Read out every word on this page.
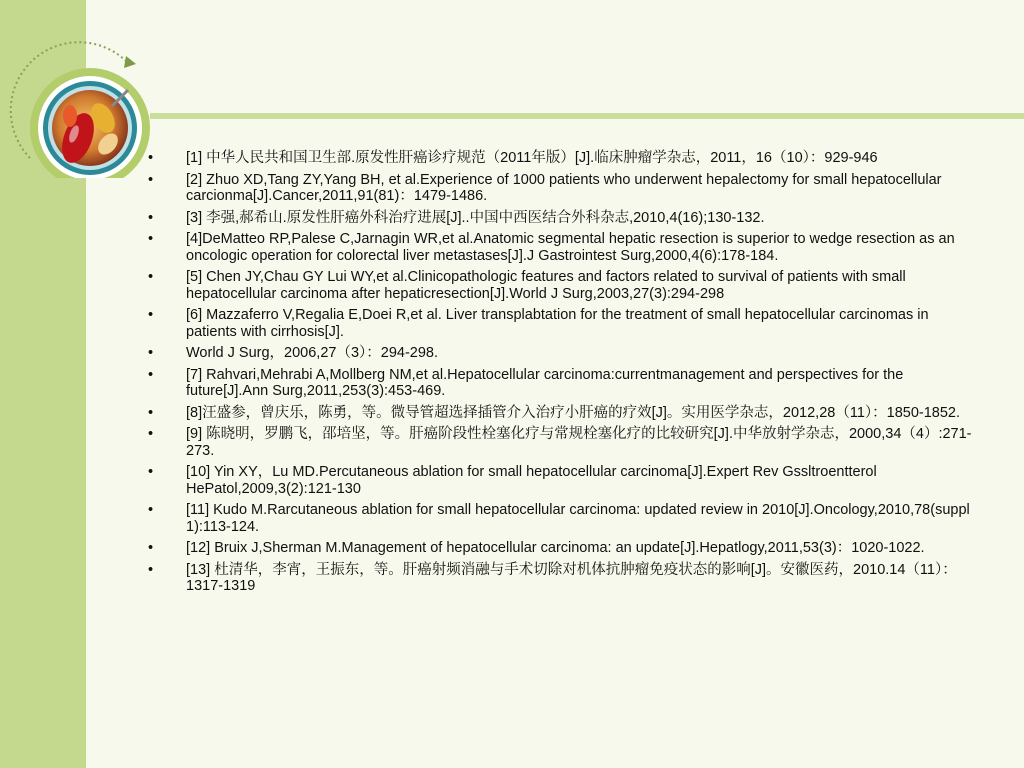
• [1] 中华人民共和国卫生部.原发性肝癌诊疗规范（2011年版）[J].临床肿瘤学杂志，2011，16（10）：929-946
• [2] Zhuo XD,Tang ZY,Yang BH, et al.Experience of 1000 patients who underwent hepalectomy for small hepatocellular carcionma[J].Cancer,2011,91(81)：1479-1486.
• [3] 李强,郝希山.原发性肝癌外科治疗进展[J]..中国中西医结合外科杂志,2010,4(16);130-132.
• [4]DeMatteo RP,Palese C,Jarnagin WR,et al.Anatomic segmental hepatic resection is superior to wedge resection as an oncologic operation for colorectal liver metastases[J].J Gastrointest Surg,2000,4(6):178-184.
• [5] Chen JY,Chau GY Lui WY,et al.Clinicopathologic features and factors related to survival of patients with small hepatocellular carcinoma after hepaticresection[J].World J Surg,2003,27(3):294-298
• [6] Mazzaferro V,Regalia E,Doei R,et al. Liver transplabtation for the treatment of small hepatocellular carcinomas in patients with cirrhosis[J].
• World J Surg，2006,27（3）：294-298.
• [7] Rahvari,Mehrabi A,Mollberg NM,et al.Hepatocellular carcinoma:currentmanagement and perspectives for the future[J].Ann Surg,2011,253(3):453-469.
• [8]汪盛参，曾庆乐，陈勇，等。微导管超选择插管介入治疗小肝癌的疗效[J]。实用医学杂志，2012,28（11）：1850-1852.
• [9] 陈晓明，罗鹏飞，邵培坚，等。肝癌阶段性栓塞化疗与常规栓塞化疗的比较研究[J].中华放射学杂志，2000,34（4）:271-273.
• [10] Yin XY，Lu MD.Percutaneous ablation for small hepatocellular carcinoma[J].Expert Rev Gssltroentterol HePatol,2009,3(2):121-130
• [11] Kudo M.Rarcutaneous ablation for small hepatocellular carcinoma: updated review in 2010[J].Oncology,2010,78(suppl 1):113-124.
• [12] Bruix J,Sherman M.Management of hepatocellular carcinoma: an update[J].Hepatlogy,2011,53(3)：1020-1022.
• [13] 杜清华，李宵，王振东，等。肝癌射频消融与手术切除对机体抗肿瘤免疫状态的影响[J]。安徽医药，2010.14（11）：1317-1319
